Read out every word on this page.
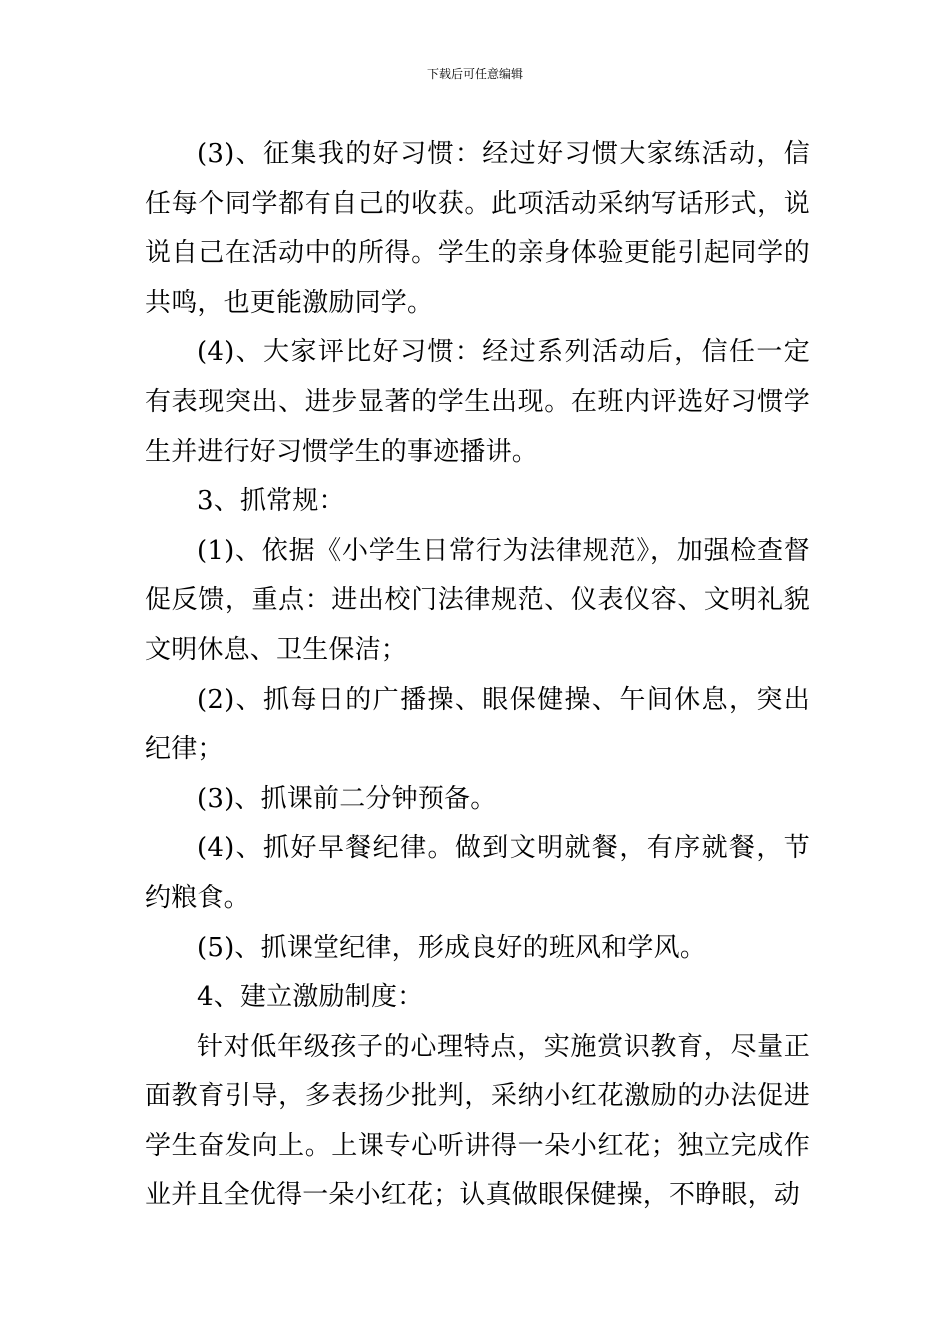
下载后可任意编辑

(3)、征集我的好习惯：经过好习惯大家练活动，信任每个同学都有自己的收获。此项活动采纳写话形式，说说自己在活动中的所得。学生的亲身体验更能引起同学的共鸣，也更能激励同学。

(4)、大家评比好习惯：经过系列活动后，信任一定有表现突出、进步显著的学生出现。在班内评选好习惯学生并进行好习惯学生的事迹播讲。

3、抓常规：

(1)、依据《小学生日常行为法律规范》，加强检查督促反馈，重点：进出校门法律规范、仪表仪容、文明礼貌文明休息、卫生保洁；

(2)、抓每日的广播操、眼保健操、午间休息，突出纪律；

(3)、抓课前二分钟预备。

(4)、抓好早餐纪律。做到文明就餐，有序就餐，节约粮食。

(5)、抓课堂纪律，形成良好的班风和学风。

4、建立激励制度：

针对低年级孩子的心理特点，实施赏识教育，尽量正面教育引导，多表扬少批判，采纳小红花激励的办法促进学生奋发向上。上课专心听讲得一朵小红花；独立完成作业并且全优得一朵小红花；认真做眼保健操，不睁眼，动
